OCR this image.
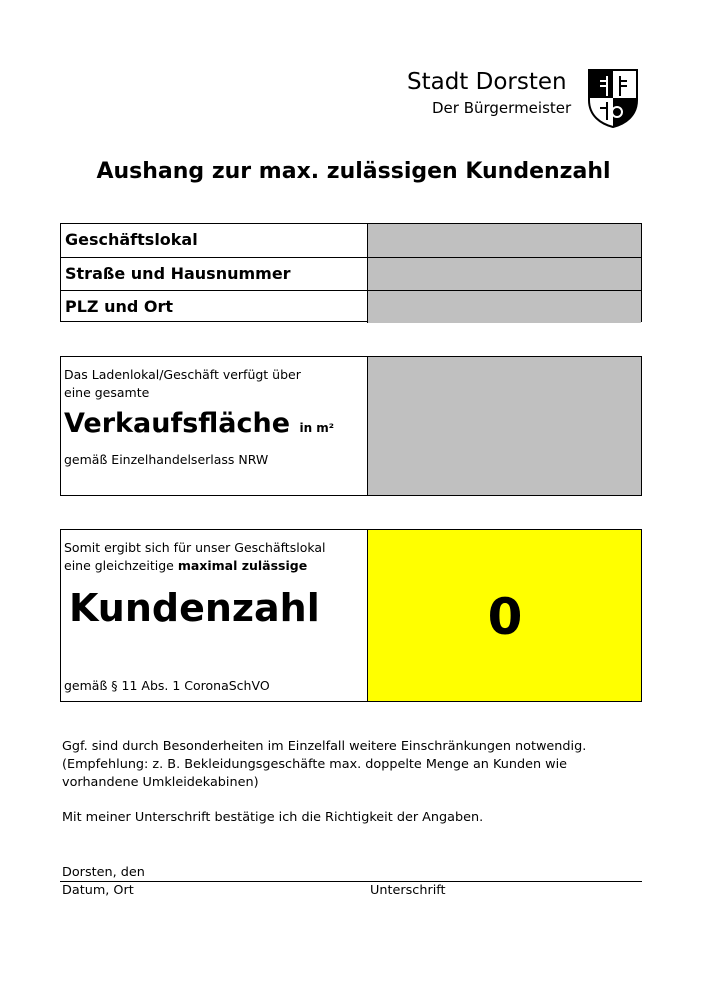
Stadt Dorsten
Der Bürgermeister
Aushang zur max. zulässigen Kundenzahl
Geschäftslokal
Straße und Hausnummer
PLZ und Ort
Das Ladenlokal/Geschäft verfügt über
eine gesamte
Verkaufsfläche in m²
gemäß Einzelhandelserlass NRW
Somit ergibt sich für unser Geschäftslokal
eine gleichzeitige maximal zulässige
Kundenzahl
gemäß § 11 Abs. 1 CoronaSchVO
0
Ggf. sind durch Besonderheiten im Einzelfall weitere Einschränkungen notwendig.
(Empfehlung: z. B. Bekleidungsgeschäfte max. doppelte Menge an Kunden wie
vorhandene Umkleidekabinen)
Mit meiner Unterschrift bestätige ich die Richtigkeit der Angaben.
Dorsten, den
Datum, Ort	Unterschrift
